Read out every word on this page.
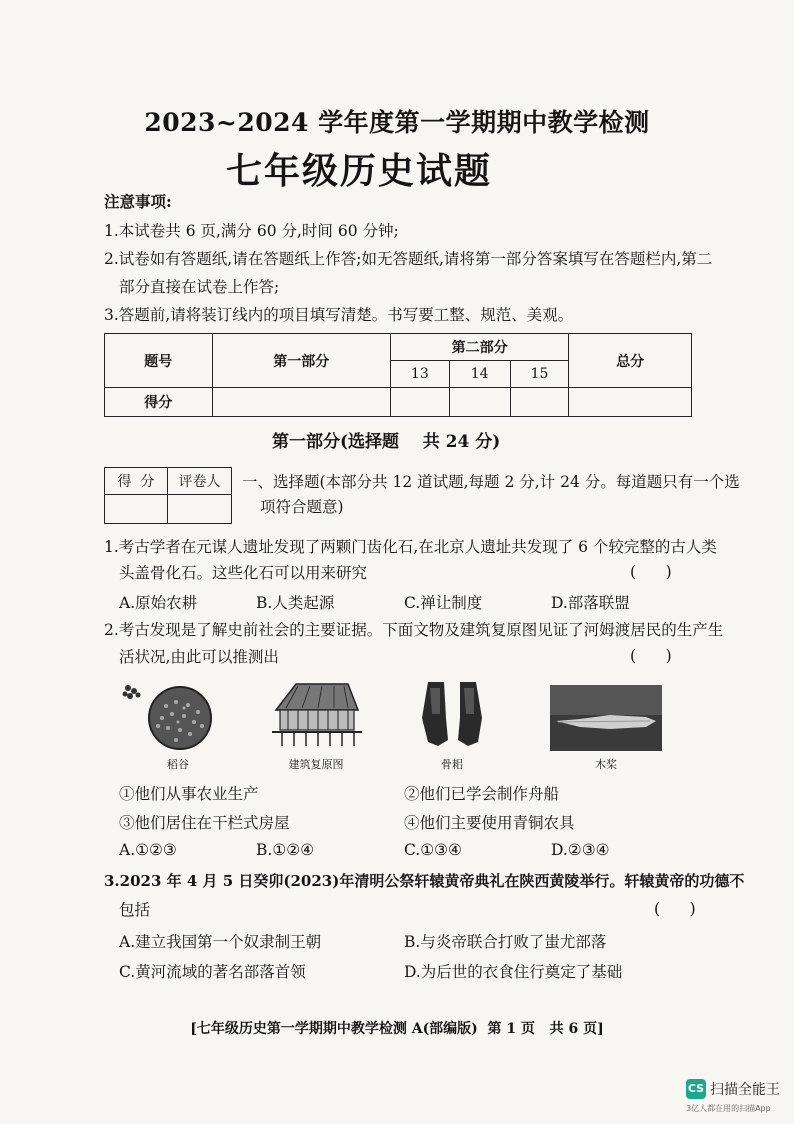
2023~2024 学年度第一学期期中教学检测
七年级历史试题
注意事项:
1.本试卷共 6 页,满分 60 分,时间 60 分钟;
2.试卷如有答题纸,请在答题纸上作答;如无答题纸,请将第一部分答案填写在答题栏内,第二
部分直接在试卷上作答;
3.答题前,请将装订线内的项目填写清楚。书写要工整、规范、美观。
题号	第一部分	第二部分			总分
		13	14	15	
得分					
第一部分(选择题    共 24 分)
得  分	评卷人
	一、选择题(本部分共 12 道试题,每题 2 分,计 24 分。每道题只有一个选
项符合题意)
1.考古学者在元谋人遗址发现了两颗门齿化石,在北京人遗址共发现了 6 个较完整的古人类
头盖骨化石。这些化石可以用来研究	(      )
A.原始农耕	B.人类起源	C.禅让制度	D.部落联盟
2.考古发现是了解史前社会的主要证据。下面文物及建筑复原图见证了河姆渡居民的生产生
活状况,由此可以推测出	(      )
稻谷	建筑复原图	骨耜	木桨
①他们从事农业生产	②他们已学会制作舟船
③他们居住在干栏式房屋	④他们主要使用青铜农具
A.①②③	B.①②④	C.①③④	D.②③④
3.2023 年 4 月 5 日癸卯(2023)年清明公祭轩辕黄帝典礼在陕西黄陵举行。轩辕黄帝的功德不
包括	(      )
A.建立我国第一个奴隶制王朝	B.与炎帝联合打败了蚩尤部落
C.黄河流域的著名部落首领	D.为后世的衣食住行奠定了基础
[七年级历史第一学期期中教学检测 A(部编版)  第 1 页   共 6 页]
CS 扫描全能王
3亿人都在用的扫描App
